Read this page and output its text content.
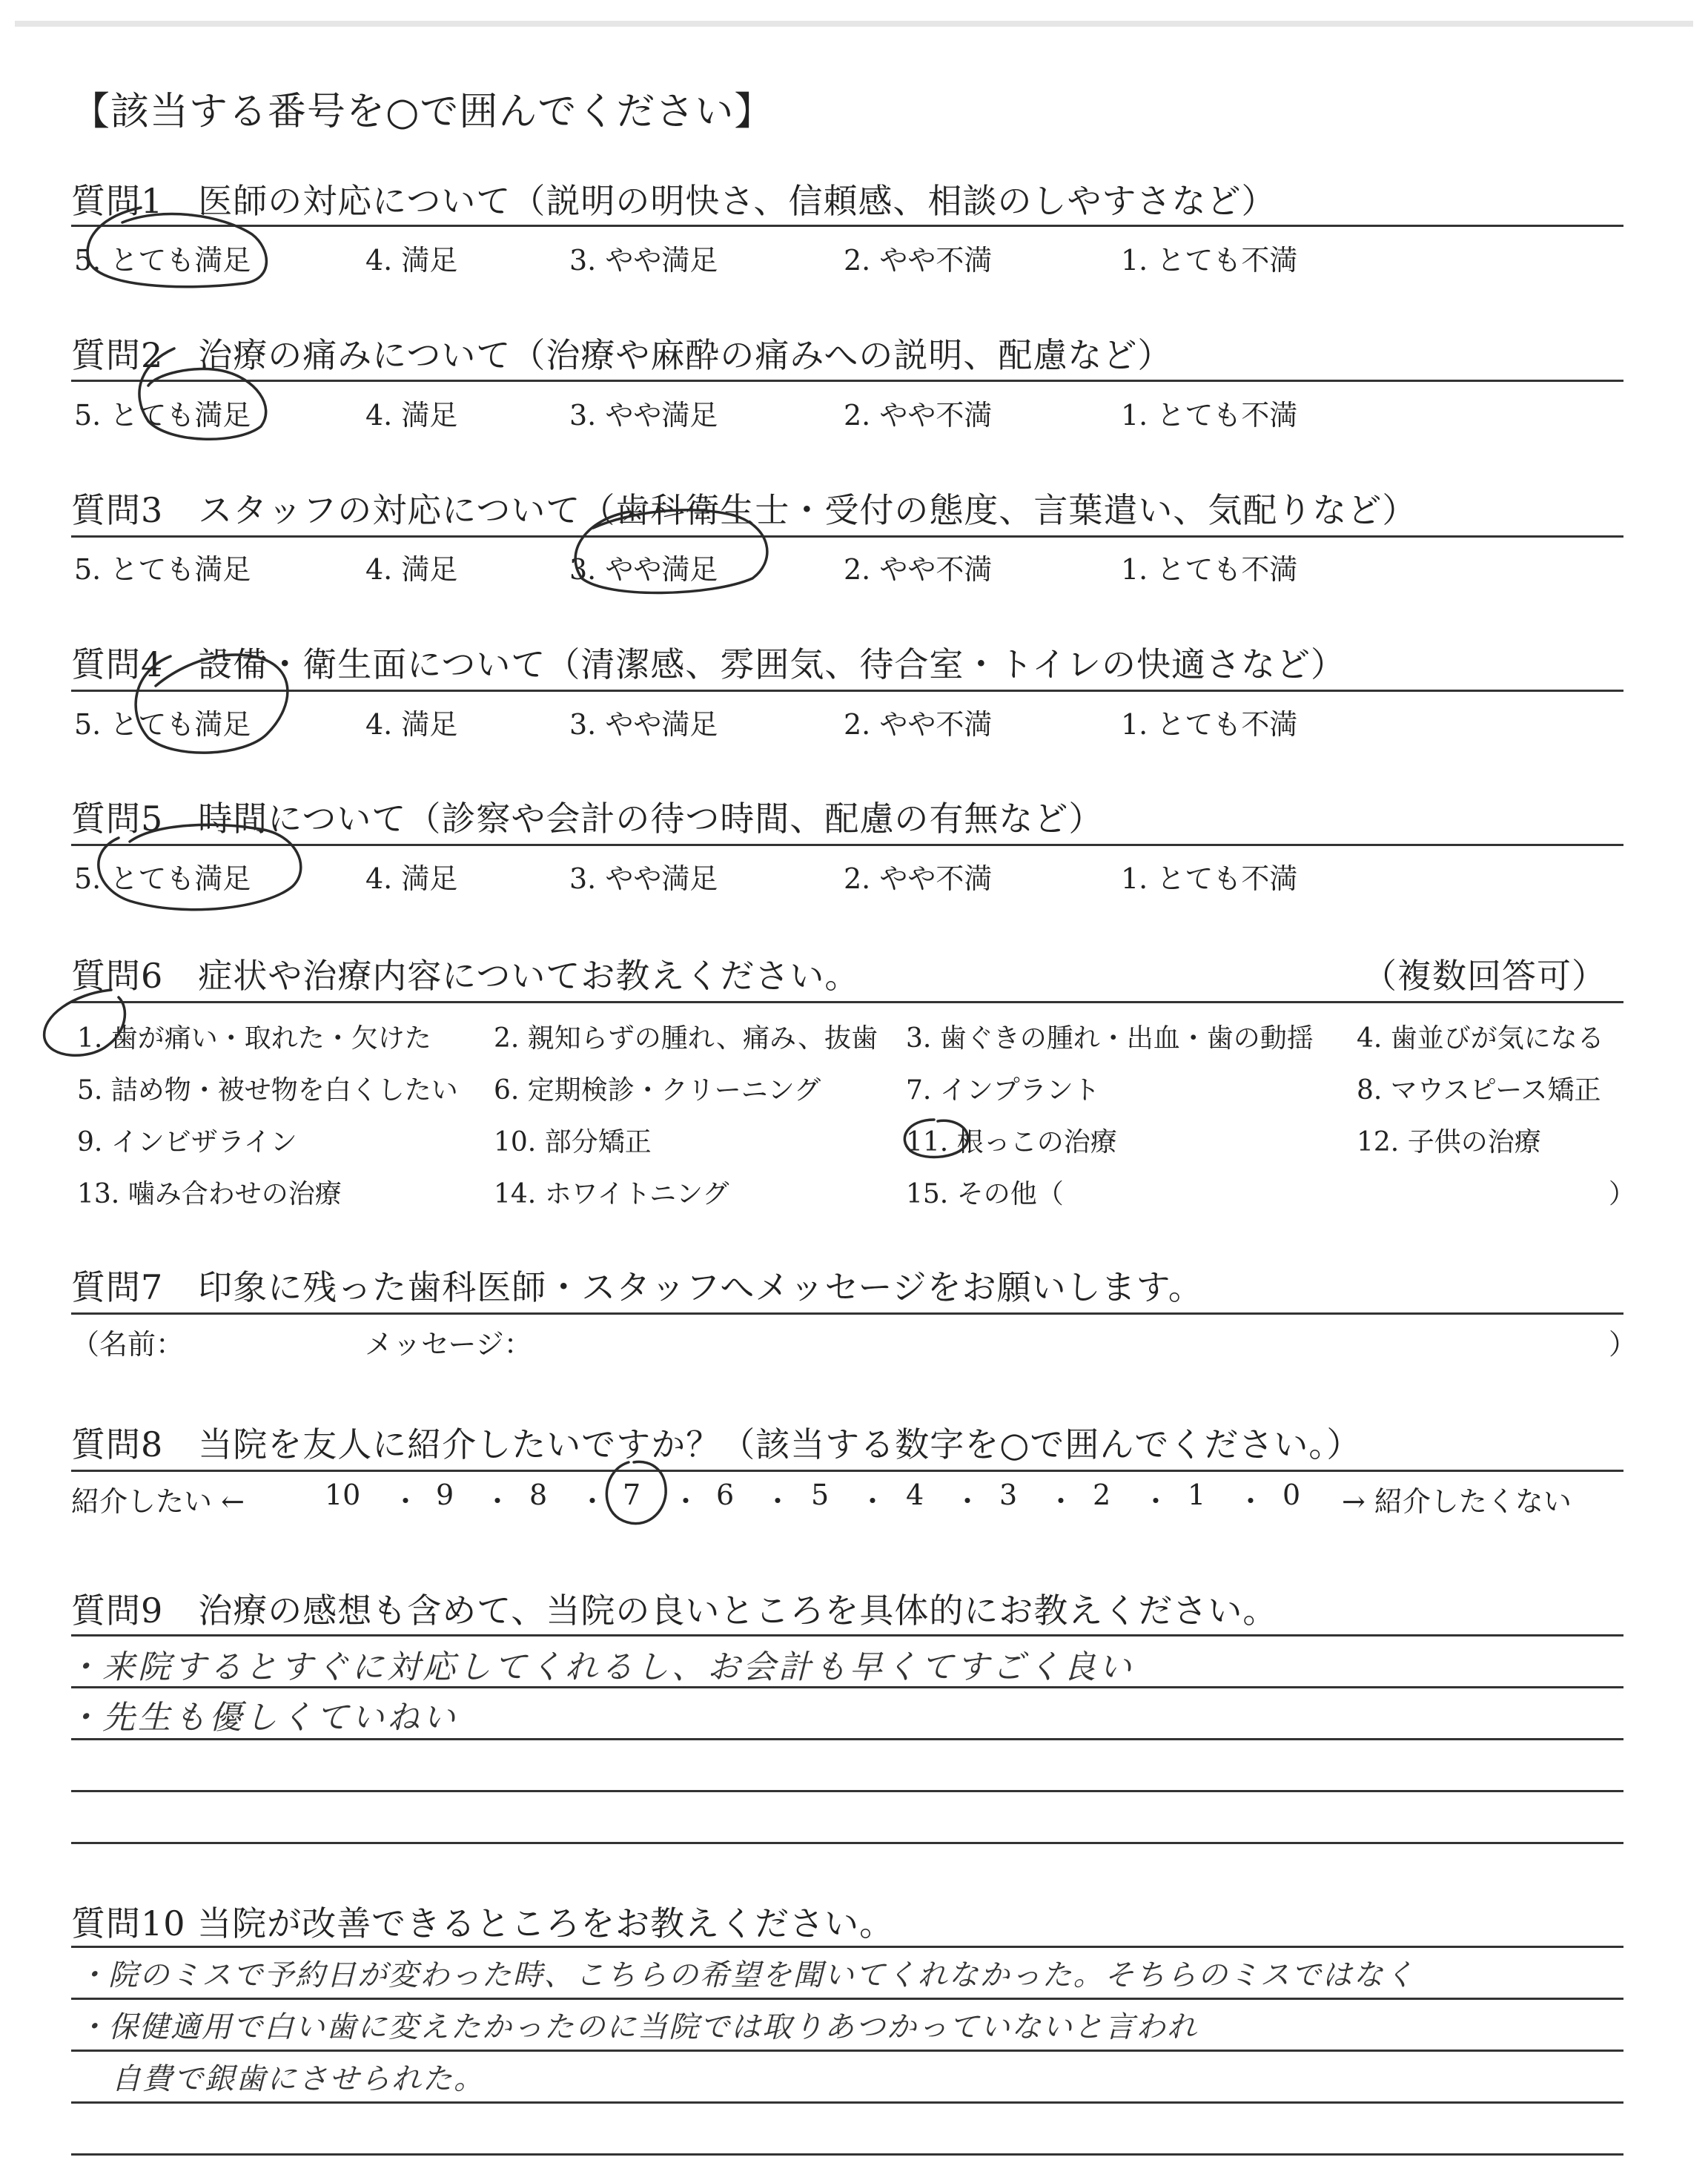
【該当する番号を○で囲んでください】
質問1　医師の対応について（説明の明快さ、信頼感、相談のしやすさなど）
5. とても満足	4. 満足	3. やや満足	2. やや不満	1. とても不満
質問2　治療の痛みについて（治療や麻酔の痛みへの説明、配慮など）
5. とても満足	4. 満足	3. やや満足	2. やや不満	1. とても不満
質問3　スタッフの対応について（歯科衛生士・受付の態度、言葉遣い、気配りなど）
5. とても満足	4. 満足	3. やや満足	2. やや不満	1. とても不満
質問4　設備・衛生面について（清潔感、雰囲気、待合室・トイレの快適さなど）
5. とても満足	4. 満足	3. やや満足	2. やや不満	1. とても不満
質問5　時間について（診察や会計の待つ時間、配慮の有無など）
5. とても満足	4. 満足	3. やや満足	2. やや不満	1. とても不満
質問6　症状や治療内容についてお教えください。	（複数回答可）
1. 歯が痛い・取れた・欠けた 2. 親知らずの腫れ、痛み、抜歯 3. 歯ぐきの腫れ・出血・歯の動揺 4. 歯並びが気になる
5. 詰め物・被せ物を白くしたい 6. 定期検診・クリーニング	7. インプラント	8. マウスピース矯正
9. インビザライン	10. 部分矯正	11. 根っこの治療	12. 子供の治療
13. 噛み合わせの治療	14. ホワイトニング	15. その他（	）
質問7　印象に残った歯科医師・スタッフへメッセージをお願いします。
（名前：	メッセージ：	）
質問8　当院を友人に紹介したいですか？（該当する数字を○で囲んでください。）
紹介したい ←	→ 紹介したくない
10 ・ 9 ・ 8 ・ 7 ・ 6 ・ 5 ・ 4 ・ 3 ・ 2 ・ 1 ・ 0
質問9　治療の感想も含めて、当院の良いところを具体的にお教えください。
・来院するとすぐに対応してくれるし、お会計も早くてすごく良い
・先生も優しくていねい
質問10 当院が改善できるところをお教えください。
・院のミスで予約日が変わった時、こちらの希望を聞いてくれなかった。そちらのミスではなく
・保健適用で白い歯に変えたかったのに当院では取りあつかっていないと言われ
自費で銀歯にさせられた。
